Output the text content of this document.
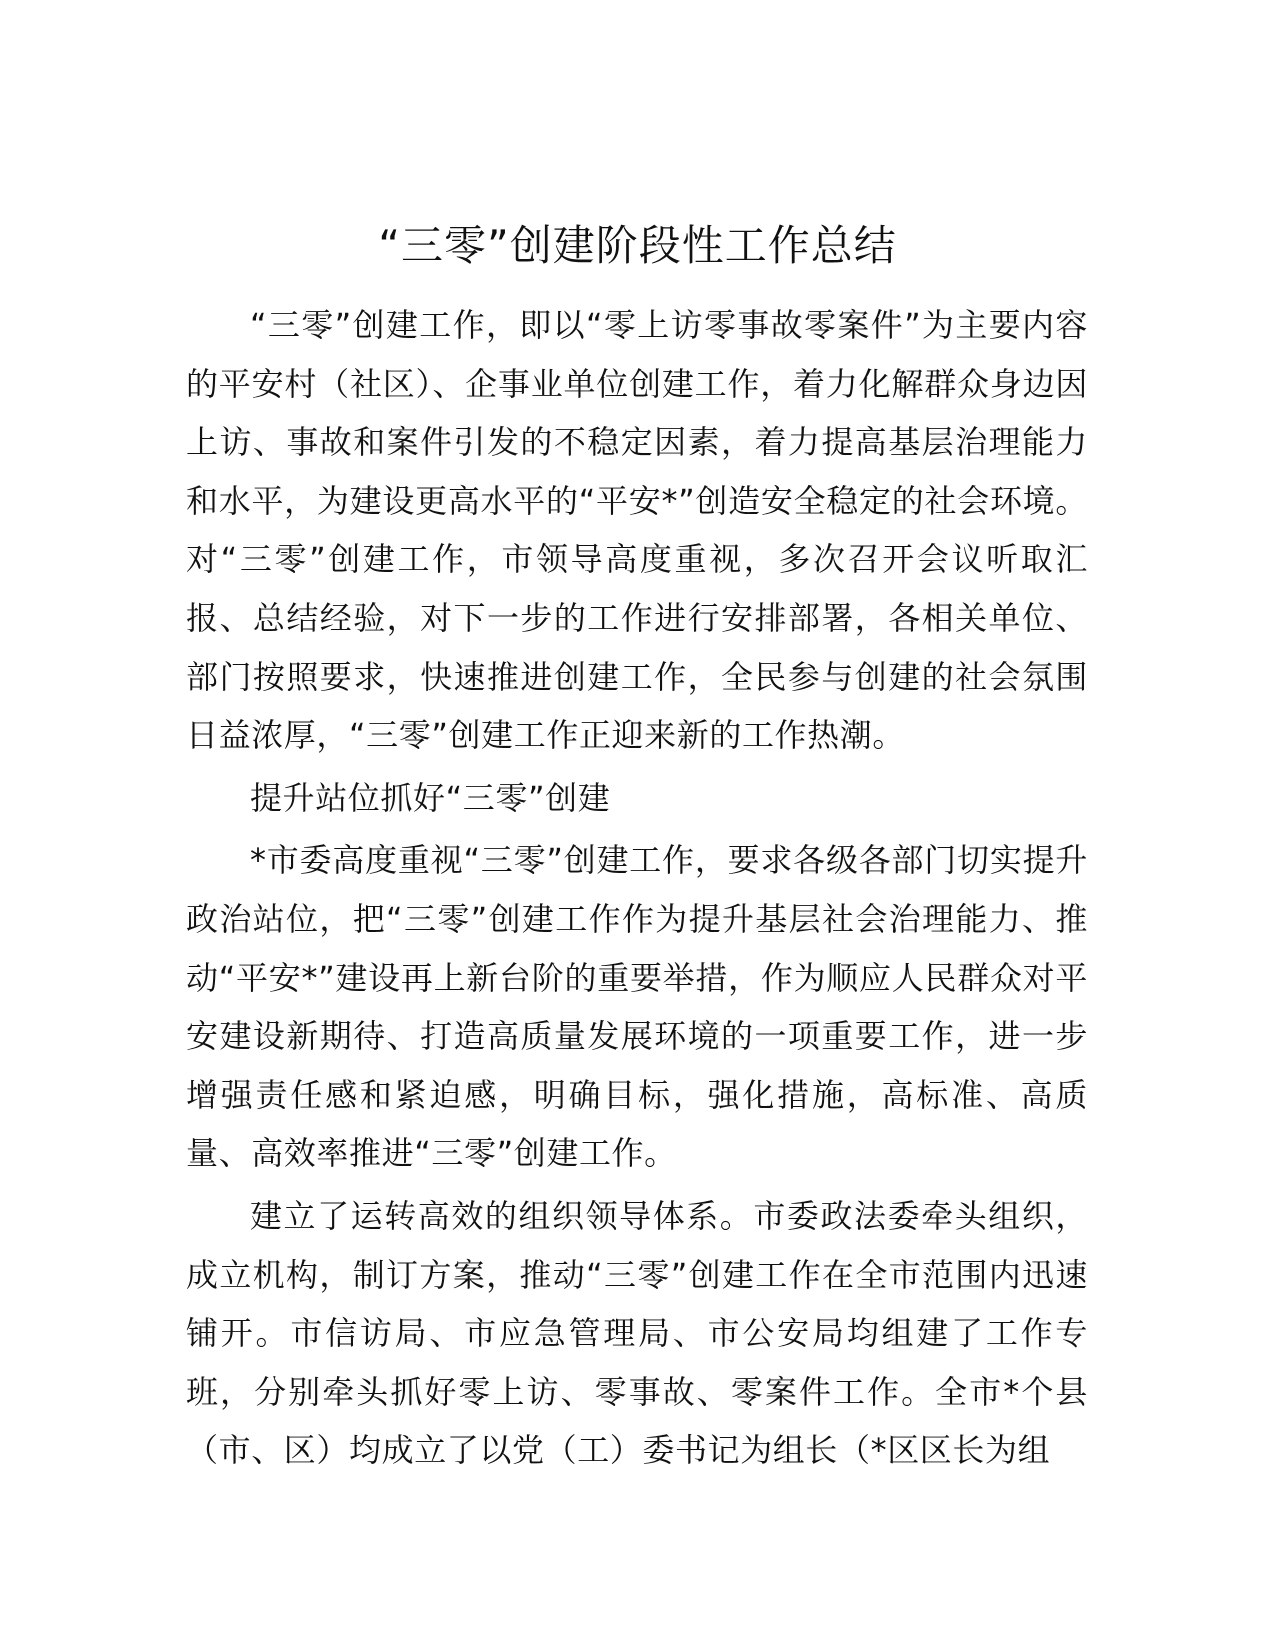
“三零”创建阶段性工作总结

“三零”创建工作，即以“零上访零事故零案件”为主要内容的平安村（社区）、企事业单位创建工作，着力化解群众身边因上访、事故和案件引发的不稳定因素，着力提高基层治理能力和水平，为建设更高水平的“平安*”创造安全稳定的社会环境。对“三零”创建工作，市领导高度重视，多次召开会议听取汇报、总结经验，对下一步的工作进行安排部署，各相关单位、部门按照要求，快速推进创建工作，全民参与创建的社会氛围日益浓厚，“三零”创建工作正迎来新的工作热潮。

提升站位抓好“三零”创建

*市委高度重视“三零”创建工作，要求各级各部门切实提升政治站位，把“三零”创建工作作为提升基层社会治理能力、推动“平安*”建设再上新台阶的重要举措，作为顺应人民群众对平安建设新期待、打造高质量发展环境的一项重要工作，进一步增强责任感和紧迫感，明确目标，强化措施，高标准、高质量、高效率推进“三零”创建工作。

建立了运转高效的组织领导体系。市委政法委牵头组织，成立机构，制订方案，推动“三零”创建工作在全市范围内迅速铺开。市信访局、市应急管理局、市公安局均组建了工作专班，分别牵头抓好零上访、零事故、零案件工作。全市*个县（市、区）均成立了以党（工）委书记为组长（*区区长为组
